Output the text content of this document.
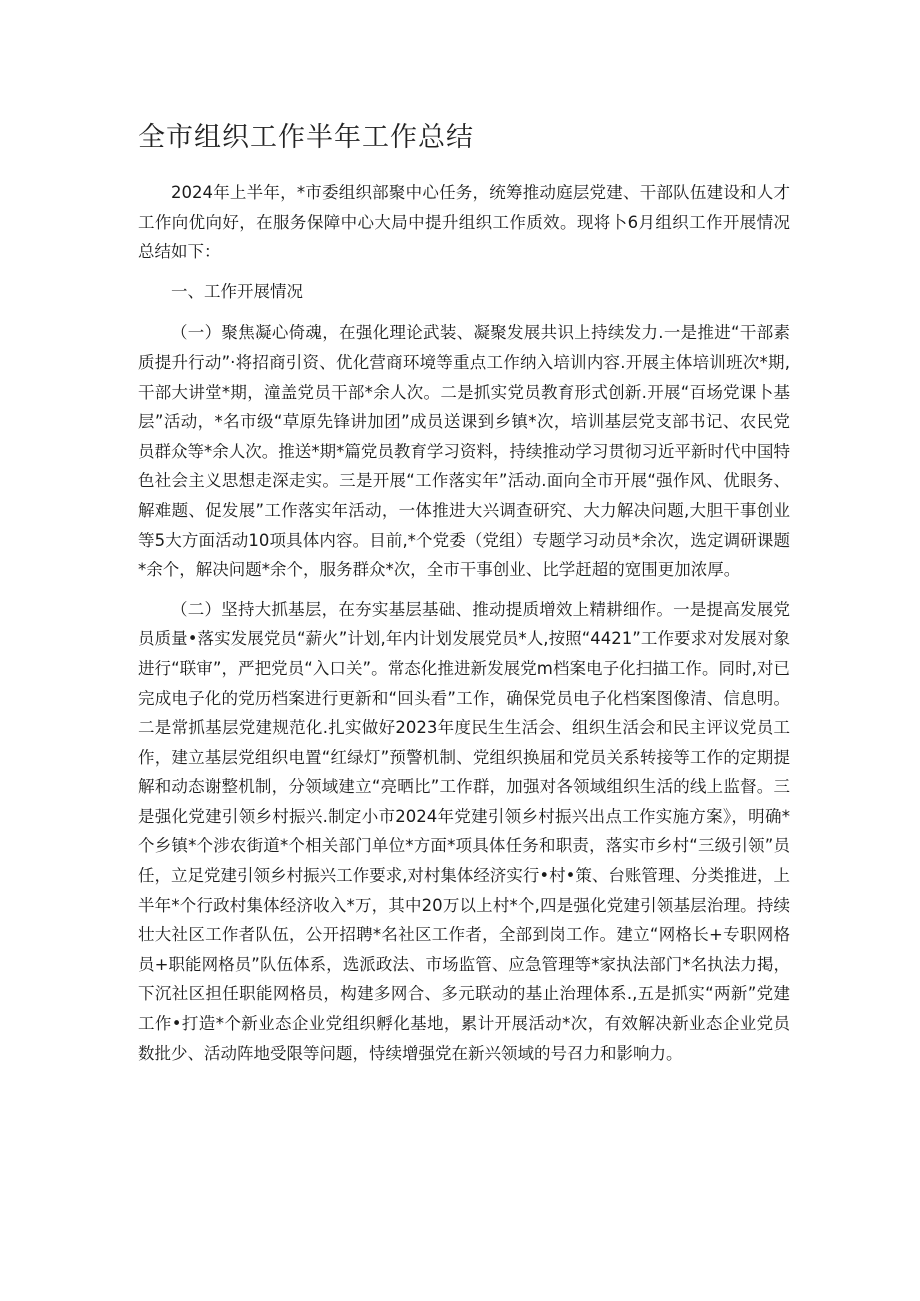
全市组织工作半年工作总结

2024年上半年，*市委组织部聚中心任务，统筹推动庭层党建、干部队伍建设和人才工作向优向好，在服务保障中心大局中提升组织工作质效。现将卜6月组织工作开展情况总结如下：

一、工作开展情况

（一）聚焦凝心倚魂，在强化理论武装、凝聚发展共识上持续发力.一是推进“干部素质提升行动”·将招商引资、优化营商环境等重点工作纳入培训内容.开展主体培训班次*期,干部大讲堂*期，潼盖党员干部*余人次。二是抓实党员教育形式创新.开展“百场党课卜基层”活动，*名市级“草原先锋讲加团”成员送课到乡镇*次，培训基层党支部书记、农民党员群众等*余人次。推送*期*篇党员教育学习资料，持续推动学习贯彻习近平新时代中国特色社会主义思想走深走实。三是开展“工作落实年”活动.面向全市开展“强作风、优眼务、解难题、促发展”工作落实年活动，一体推进大兴调查研究、大力解决问题,大胆干事创业等5大方面活动10项具体内容。目前,*个党委（党组）专题学习动员*余次，选定调研课题*余个，解决问题*余个，服务群众*次，全市干事创业、比学赶超的宽围更加浓厚。

（二）坚持大抓基层，在夯实基层基础、推动提质增效上精耕细作。一是提高发展党员质量•落实发展党员“薪火”计划,年内计划发展党员*人,按照“4421”工作要求对发展对象进行“联审”，严把党员“入口关”。常态化推进新发展党m档案电子化扫描工作。同时,对已完成电子化的党历档案进行更新和“回头看”工作，确保党员电子化档案图像清、信息明。二是常抓基层党建规范化.扎实做好2023年度民生生活会、组织生活会和民主评议党员工作，建立基层党组织电置“红绿灯”预警机制、党组织换届和党员关系转接等工作的定期提解和动态谢整机制，分领域建立“亮晒比”工作群，加强对各领域组织生活的线上监督。三是强化党建引领乡村振兴.制定小市2024年党建引领乡村振兴出点工作实施方案》，明确*个乡镇*个涉农街道*个相关部门单位*方面*项具体任务和职责，落实市乡村“三级引领”员任，立足党建引领乡村振兴工作要求,对村集体经济实行•村•策、台账管理、分类推进，上半年*个行政村集体经济收入*万，其中20万以上村*个,四是强化党建引领基层治理。持续壮大社区工作者队伍，公开招聘*名社区工作者，全部到岗工作。建立“网格长+专职网格员+职能网格员”队伍体系，选派政法、市场监管、应急管理等*家执法部门*名执法力掲，下沉社区担任职能网格员，构建多网合、多元联动的基止治理体系.,五是抓实“两新”党建工作•打造*个新业态企业党组织孵化基地，累计开展活动*次，有效解决新业态企业党员数批少、活动阵地受限等问题，恃续增强党在新兴领域的号召力和影响力。
